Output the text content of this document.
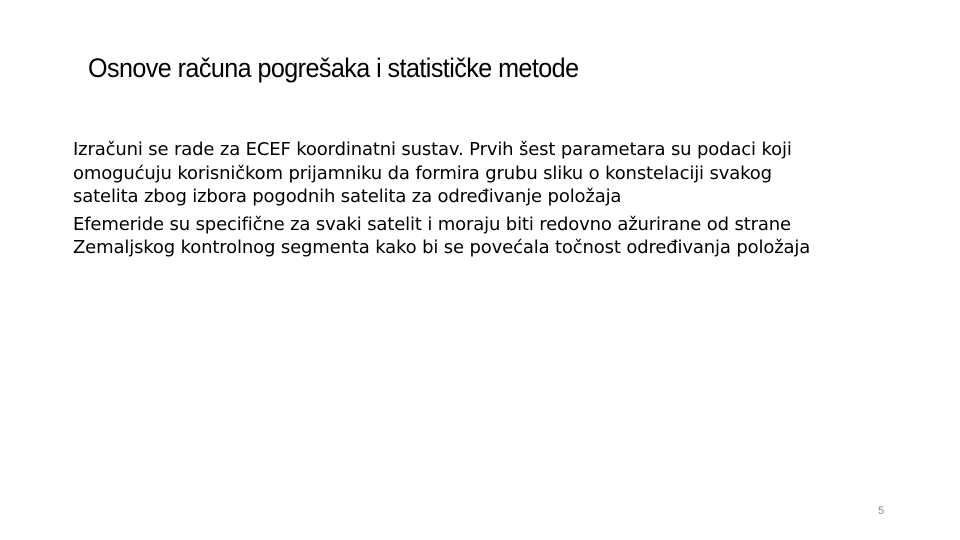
Osnove računa pogrešaka i statističke metode

Izračuni se rade za ECEF koordinatni sustav. Prvih šest parametara su podaci koji
omogućuju korisničkom prijamniku da formira grubu sliku o konstelaciji svakog
satelita zbog izbora pogodnih satelita za određivanje položaja

Efemeride su specifične za svaki satelit i moraju biti redovno ažurirane od strane
Zemaljskog kontrolnog segmenta kako bi se povećala točnost određivanja položaja

5
